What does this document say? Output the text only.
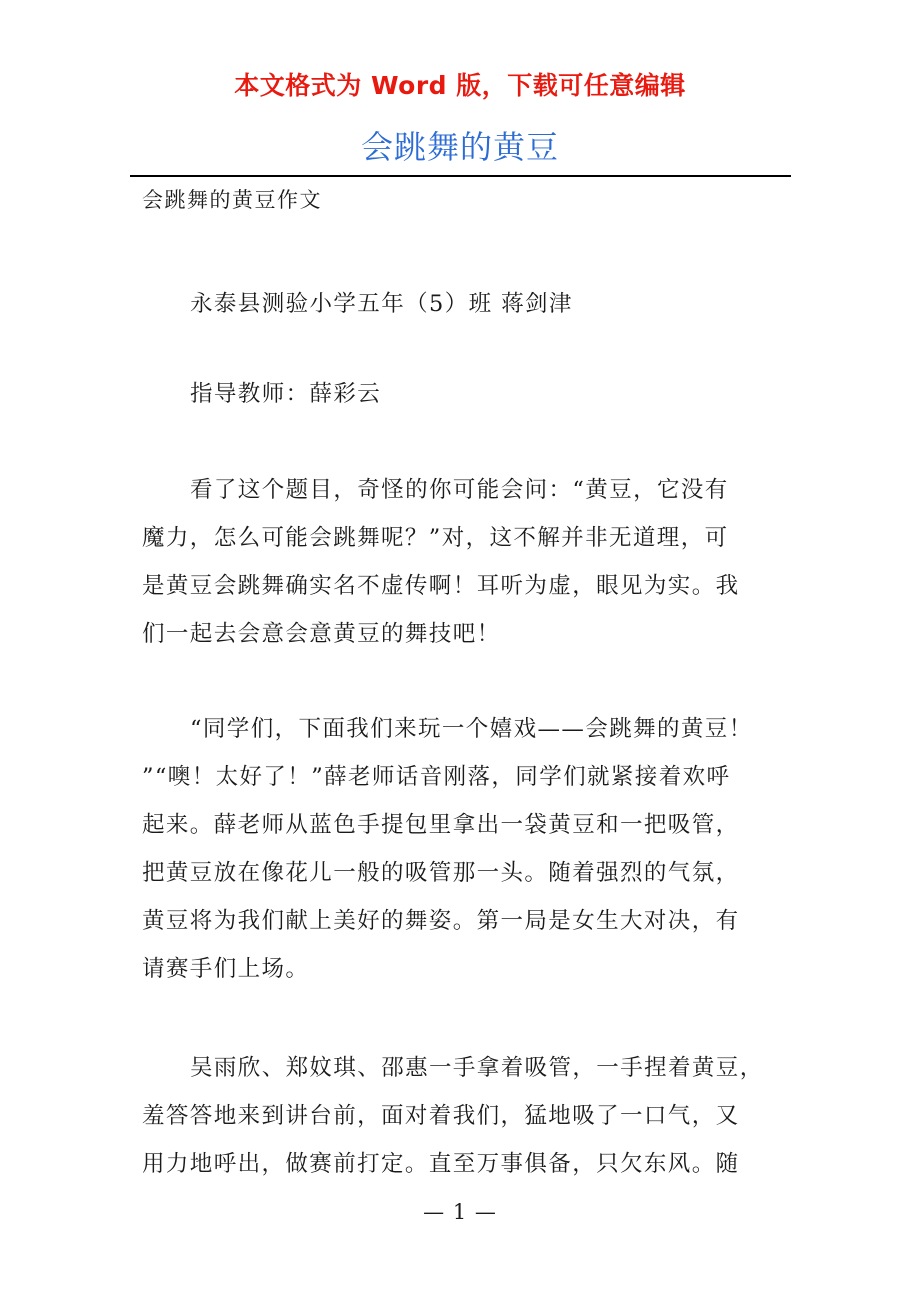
本文格式为 Word 版，下载可任意编辑
会跳舞的黄豆
会跳舞的黄豆作文
永泰县测验小学五年（5）班 蒋剑津
指导教师：薛彩云
看了这个题目，奇怪的你可能会问：“黄豆，它没有
魔力，怎么可能会跳舞呢？”对，这不解并非无道理，可
是黄豆会跳舞确实名不虚传啊！耳听为虚，眼见为实。我
们一起去会意会意黄豆的舞技吧！
“同学们，下面我们来玩一个嬉戏——会跳舞的黄豆！
”“噢！太好了！”薛老师话音刚落，同学们就紧接着欢呼
起来。薛老师从蓝色手提包里拿出一袋黄豆和一把吸管，
把黄豆放在像花儿一般的吸管那一头。随着强烈的气氛，
黄豆将为我们献上美好的舞姿。第一局是女生大对决，有
请赛手们上场。
吴雨欣、郑妏琪、邵惠一手拿着吸管，一手捏着黄豆，
羞答答地来到讲台前，面对着我们，猛地吸了一口气，又
用力地呼出，做赛前打定。直至万事俱备，只欠东风。随
— 1 —
